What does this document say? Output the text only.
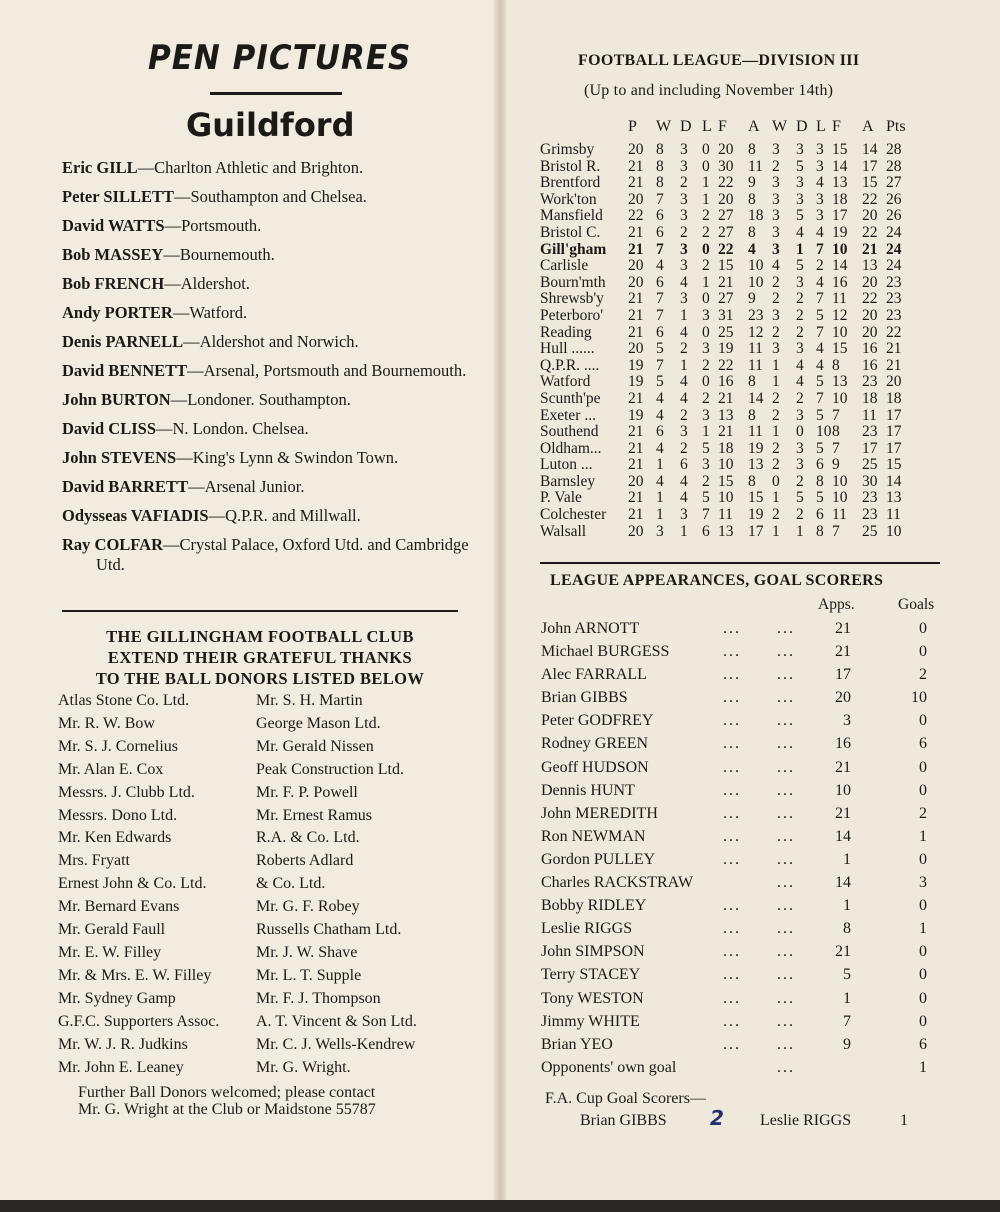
PEN PICTURES
Guildford
Eric GILL—Charlton Athletic and Brighton.
Peter SILLETT—Southampton and Chelsea.
David WATTS—Portsmouth.
Bob MASSEY—Bournemouth.
Bob FRENCH—Aldershot.
Andy PORTER—Watford.
Denis PARNELL—Aldershot and Norwich.
David BENNETT—Arsenal, Portsmouth and Bournemouth.
John BURTON—Londoner. Southampton.
David CLISS—N. London. Chelsea.
John STEVENS—King's Lynn & Swindon Town.
David BARRETT—Arsenal Junior.
Odysseas VAFIADIS—Q.P.R. and Millwall.
Ray COLFAR—Crystal Palace, Oxford Utd. and Cambridge Utd.
THE GILLINGHAM FOOTBALL CLUB
EXTEND THEIR GRATEFUL THANKS
TO THE BALL DONORS LISTED BELOW
Atlas Stone Co. Ltd.	Mr. S. H. Martin
Mr. R. W. Bow	George Mason Ltd.
Mr. S. J. Cornelius	Mr. Gerald Nissen
Mr. Alan E. Cox	Peak Construction Ltd.
Messrs. J. Clubb Ltd.	Mr. F. P. Powell
Messrs. Dono Ltd.	Mr. Ernest Ramus
Mr. Ken Edwards	R.A. & Co. Ltd.
Mrs. Fryatt	Roberts Adlard
Ernest John & Co. Ltd.	& Co. Ltd.
Mr. Bernard Evans	Mr. G. F. Robey
Mr. Gerald Faull	Russells Chatham Ltd.
Mr. E. W. Filley	Mr. J. W. Shave
Mr. & Mrs. E. W. Filley	Mr. L. T. Supple
Mr. Sydney Gamp	Mr. F. J. Thompson
G.F.C. Supporters Assoc.	A. T. Vincent & Son Ltd.
Mr. W. J. R. Judkins	Mr. C. J. Wells-Kendrew
Mr. John E. Leaney	Mr. G. Wright.
Further Ball Donors welcomed; please contact
Mr. G. Wright at the Club or Maidstone 55787
FOOTBALL LEAGUE—DIVISION III
(Up to and including November 14th)
P W D L F A W D L F A Pts
Grimsby 20 8 3 0 20 8 3 3 3 15 14 28
Bristol R. 21 8 3 0 30 11 2 5 3 14 17 28
Brentford 21 8 2 1 22 9 3 3 4 13 15 27
Work'ton 20 7 3 1 20 8 3 3 3 18 22 26
Mansfield 22 6 3 2 27 18 3 5 3 17 20 26
Bristol C. 21 6 2 2 27 8 3 4 4 19 22 24
Gill'gham 21 7 3 0 22 4 3 1 7 10 21 24
Carlisle	20 4 3 2 15 10 4 5 2 14 13 24
Bourn'mth 20 6 4 1 21 10 2 3 4 16 20 23
Shrewsb'y 21 7 3 0 27 9 2 2 7 11 22 23
Peterboro' 21 7 1 3 31 23 3 2 5 12 20 23
Reading 21 6 4 0 25 12 2 2 7 10 20 22
Hull ...... 20 5 2 3 19 11 3 3 4 15 16 21
Q.P.R. .... 19 7 1 2 22 11 1 4 4 8 16 21
Watford 19 5 4 0 16 8 1 4 5 13 23 20
Scunth'pe 21 4 4 2 21 14 2 2 7 10 18 18
Exeter ... 19 4 2 3 13 8 2 3 5 7 11 17
Southend 21 6 3 1 21 11 1 0 10 8 23 17
Oldham... 21 4 2 5 18 19 2 3 5 7 17 17
Luton ... 21 1 6 3 10 13 2 3 6 9 25 15
Barnsley 20 4 4 2 15 8 0 2 8 10 30 14
P. Vale	21 1 4 5 10 15 1 5 5 10 23 13
Colchester 21 1 3 7 11 19 2 2 6 11 23 11
Walsall	20 3 1 6 13 17 1 1 8 7 25 10
LEAGUE APPEARANCES, GOAL SCORERS
Apps.	Goals
John ARNOTT	... ...	21	0
Michael BURGESS	... ...	21	0
Alec FARRALL	... ...	17	2
Brian GIBBS	... ...	20	10
Peter GODFREY	... ...	3	0
Rodney GREEN	... ...	16	6
Geoff HUDSON	... ...	21	0
Dennis HUNT	... ...	10	0
John MEREDITH	... ...	21	2
Ron NEWMAN	... ...	14	1
Gordon PULLEY	... ...	1	0
Charles RACKSTRAW	...	14	3
Bobby RIDLEY	... ...	1	0
Leslie RIGGS	... ...	8	1
John SIMPSON	... ...	21	0
Terry STACEY	... ...	5	0
Tony WESTON	... ...	1	0
Jimmy WHITE	... ...	7	0
Brian YEO	... ...	9	6
Opponents' own goal	...	1
F.A. Cup Goal Scorers—
Brian GIBBS 2 Leslie RIGGS	1
